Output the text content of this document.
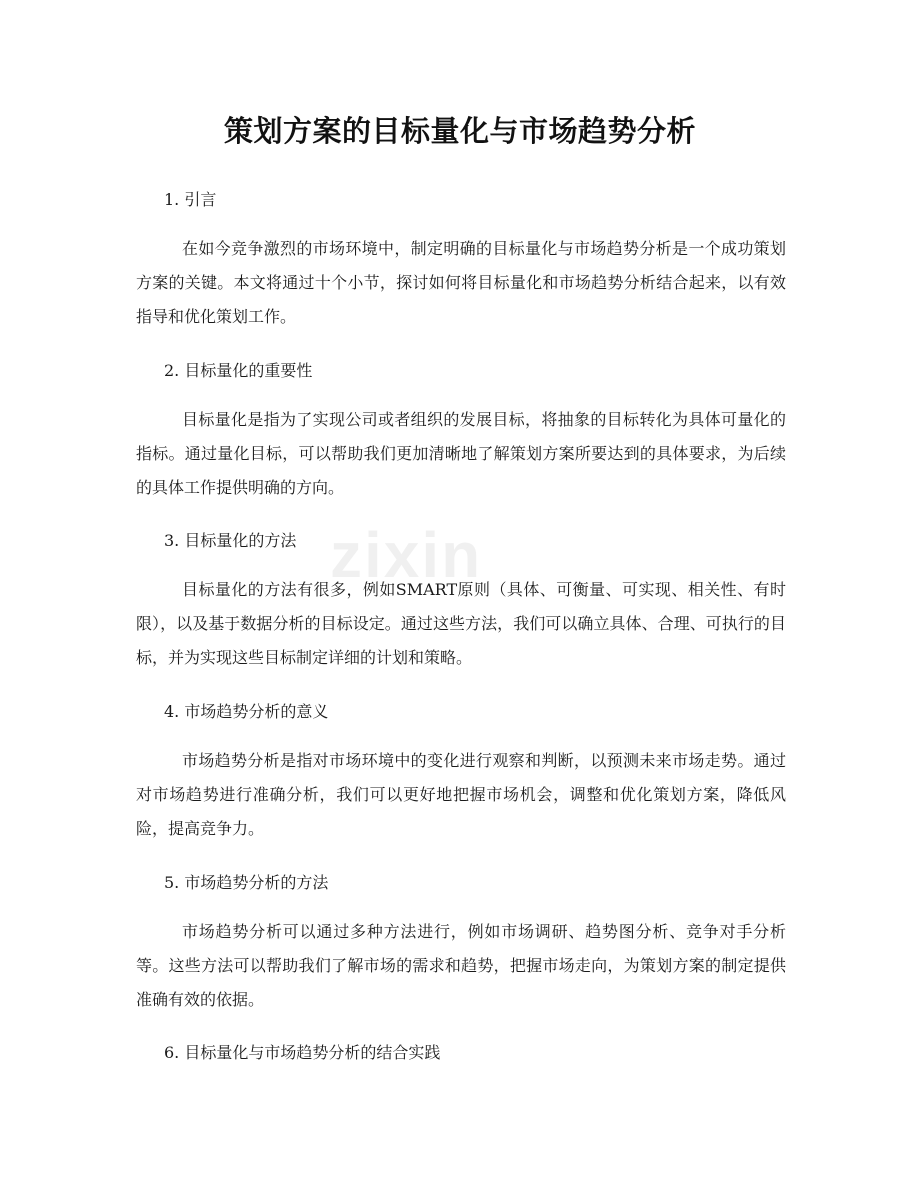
zixin
策划方案的目标量化与市场趋势分析
1. 引言
在如今竞争激烈的市场环境中，制定明确的目标量化与市场趋势分析是一个成功策划方案的关键。本文将通过十个小节，探讨如何将目标量化和市场趋势分析结合起来，以有效指导和优化策划工作。
2. 目标量化的重要性
目标量化是指为了实现公司或者组织的发展目标，将抽象的目标转化为具体可量化的指标。通过量化目标，可以帮助我们更加清晰地了解策划方案所要达到的具体要求，为后续的具体工作提供明确的方向。
3. 目标量化的方法
目标量化的方法有很多，例如SMART原则（具体、可衡量、可实现、相关性、有时限），以及基于数据分析的目标设定。通过这些方法，我们可以确立具体、合理、可执行的目标，并为实现这些目标制定详细的计划和策略。
4. 市场趋势分析的意义
市场趋势分析是指对市场环境中的变化进行观察和判断，以预测未来市场走势。通过对市场趋势进行准确分析，我们可以更好地把握市场机会，调整和优化策划方案，降低风险，提高竞争力。
5. 市场趋势分析的方法
市场趋势分析可以通过多种方法进行，例如市场调研、趋势图分析、竞争对手分析等。这些方法可以帮助我们了解市场的需求和趋势，把握市场走向，为策划方案的制定提供准确有效的依据。
6. 目标量化与市场趋势分析的结合实践
